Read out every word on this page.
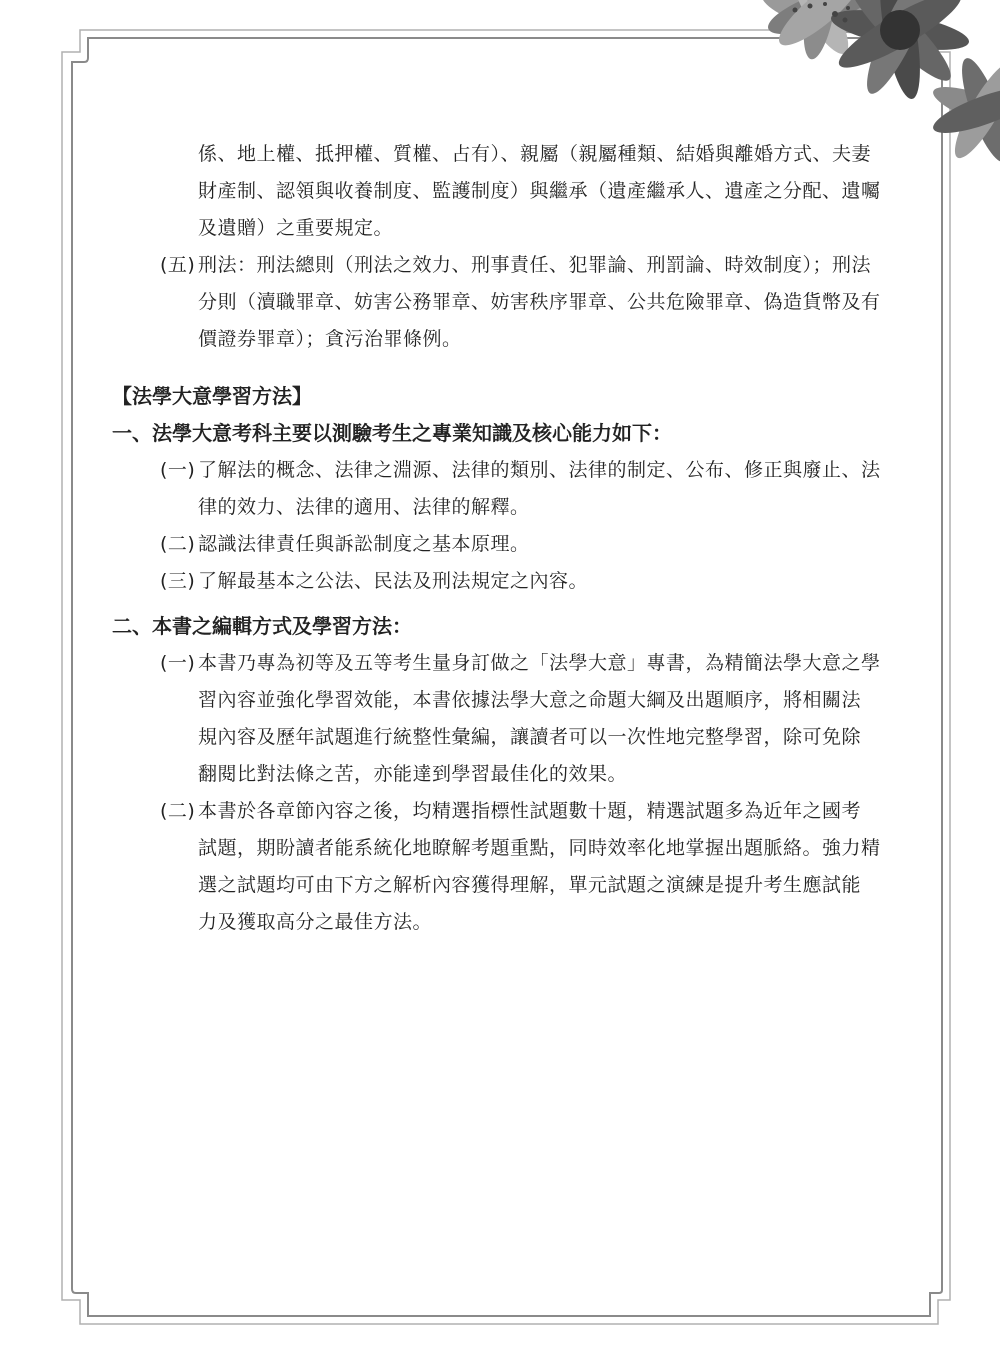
係、地上權、抵押權、質權、占有）、親屬（親屬種類、結婚與離婚方式、夫妻
財產制、認領與收養制度、監護制度）與繼承（遺產繼承人、遺產之分配、遺囑
及遺贈）之重要規定。
(五) 刑法：刑法總則（刑法之效力、刑事責任、犯罪論、刑罰論、時效制度）；刑法
分則（瀆職罪章、妨害公務罪章、妨害秩序罪章、公共危險罪章、偽造貨幣及有
價證券罪章）；貪污治罪條例。
【法學大意學習方法】
一、法學大意考科主要以測驗考生之專業知識及核心能力如下：
(一) 了解法的概念、法律之淵源、法律的類別、法律的制定、公布、修正與廢止、法
律的效力、法律的適用、法律的解釋。
(二) 認識法律責任與訴訟制度之基本原理。
(三) 了解最基本之公法、民法及刑法規定之內容。
二、本書之編輯方式及學習方法：
(一) 本書乃專為初等及五等考生量身訂做之「法學大意」專書，為精簡法學大意之學
習內容並強化學習效能，本書依據法學大意之命題大綱及出題順序，將相關法
規內容及歷年試題進行統整性彙編，讓讀者可以一次性地完整學習，除可免除
翻閱比對法條之苦，亦能達到學習最佳化的效果。
(二) 本書於各章節內容之後，均精選指標性試題數十題，精選試題多為近年之國考
試題，期盼讀者能系統化地瞭解考題重點，同時效率化地掌握出題脈絡。強力精
選之試題均可由下方之解析內容獲得理解，單元試題之演練是提升考生應試能
力及獲取高分之最佳方法。
